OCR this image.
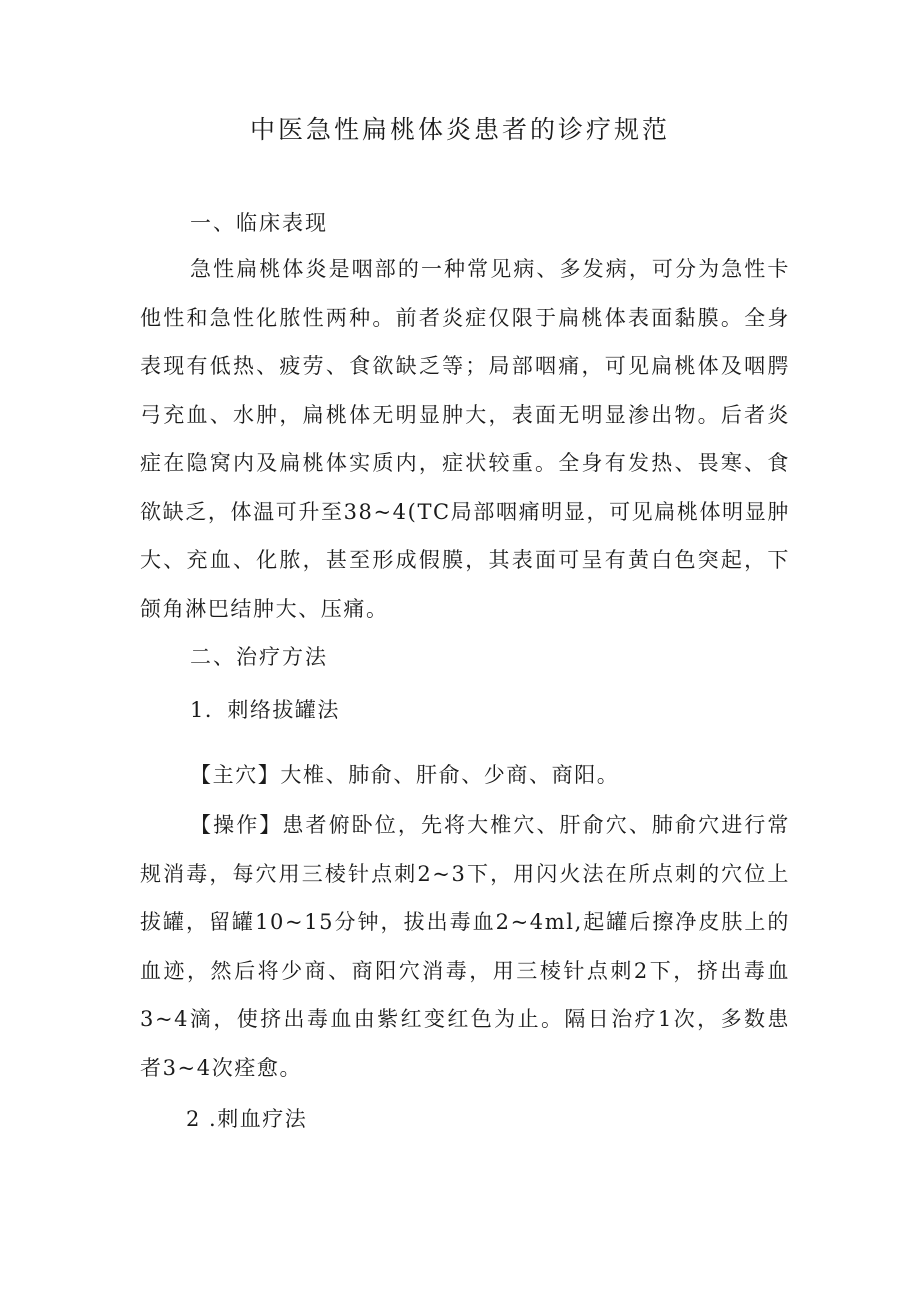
中医急性扁桃体炎患者的诊疗规范
一、临床表现

急性扁桃体炎是咽部的一种常见病、多发病，可分为急性卡他性和急性化脓性两种。前者炎症仅限于扁桃体表面黏膜。全身表现有低热、疲劳、食欲缺乏等；局部咽痛，可见扁桃体及咽腭弓充血、水肿，扁桃体无明显肿大，表面无明显渗出物。后者炎症在隐窝内及扁桃体实质内，症状较重。全身有发热、畏寒、食欲缺乏，体温可升至38~4(TC局部咽痛明显，可见扁桃体明显肿大、充血、化脓，甚至形成假膜，其表面可呈有黄白色突起，下颌角淋巴结肿大、压痛。

二、治疗方法
1．刺络拔罐法
【主穴】大椎、肺俞、肝俞、少商、商阳。

【操作】患者俯卧位，先将大椎穴、肝俞穴、肺俞穴进行常规消毒，每穴用三棱针点刺2~3下，用闪火法在所点刺的穴位上拔罐，留罐10~15分钟，拔出毒血2~4ml,起罐后擦净皮肤上的血迹，然后将少商、商阳穴消毒，用三棱针点刺2下，挤出毒血3~4滴，使挤出毒血由紫红变红色为止。隔日治疗1次，多数患者3~4次痊愈。

2 .刺血疗法
